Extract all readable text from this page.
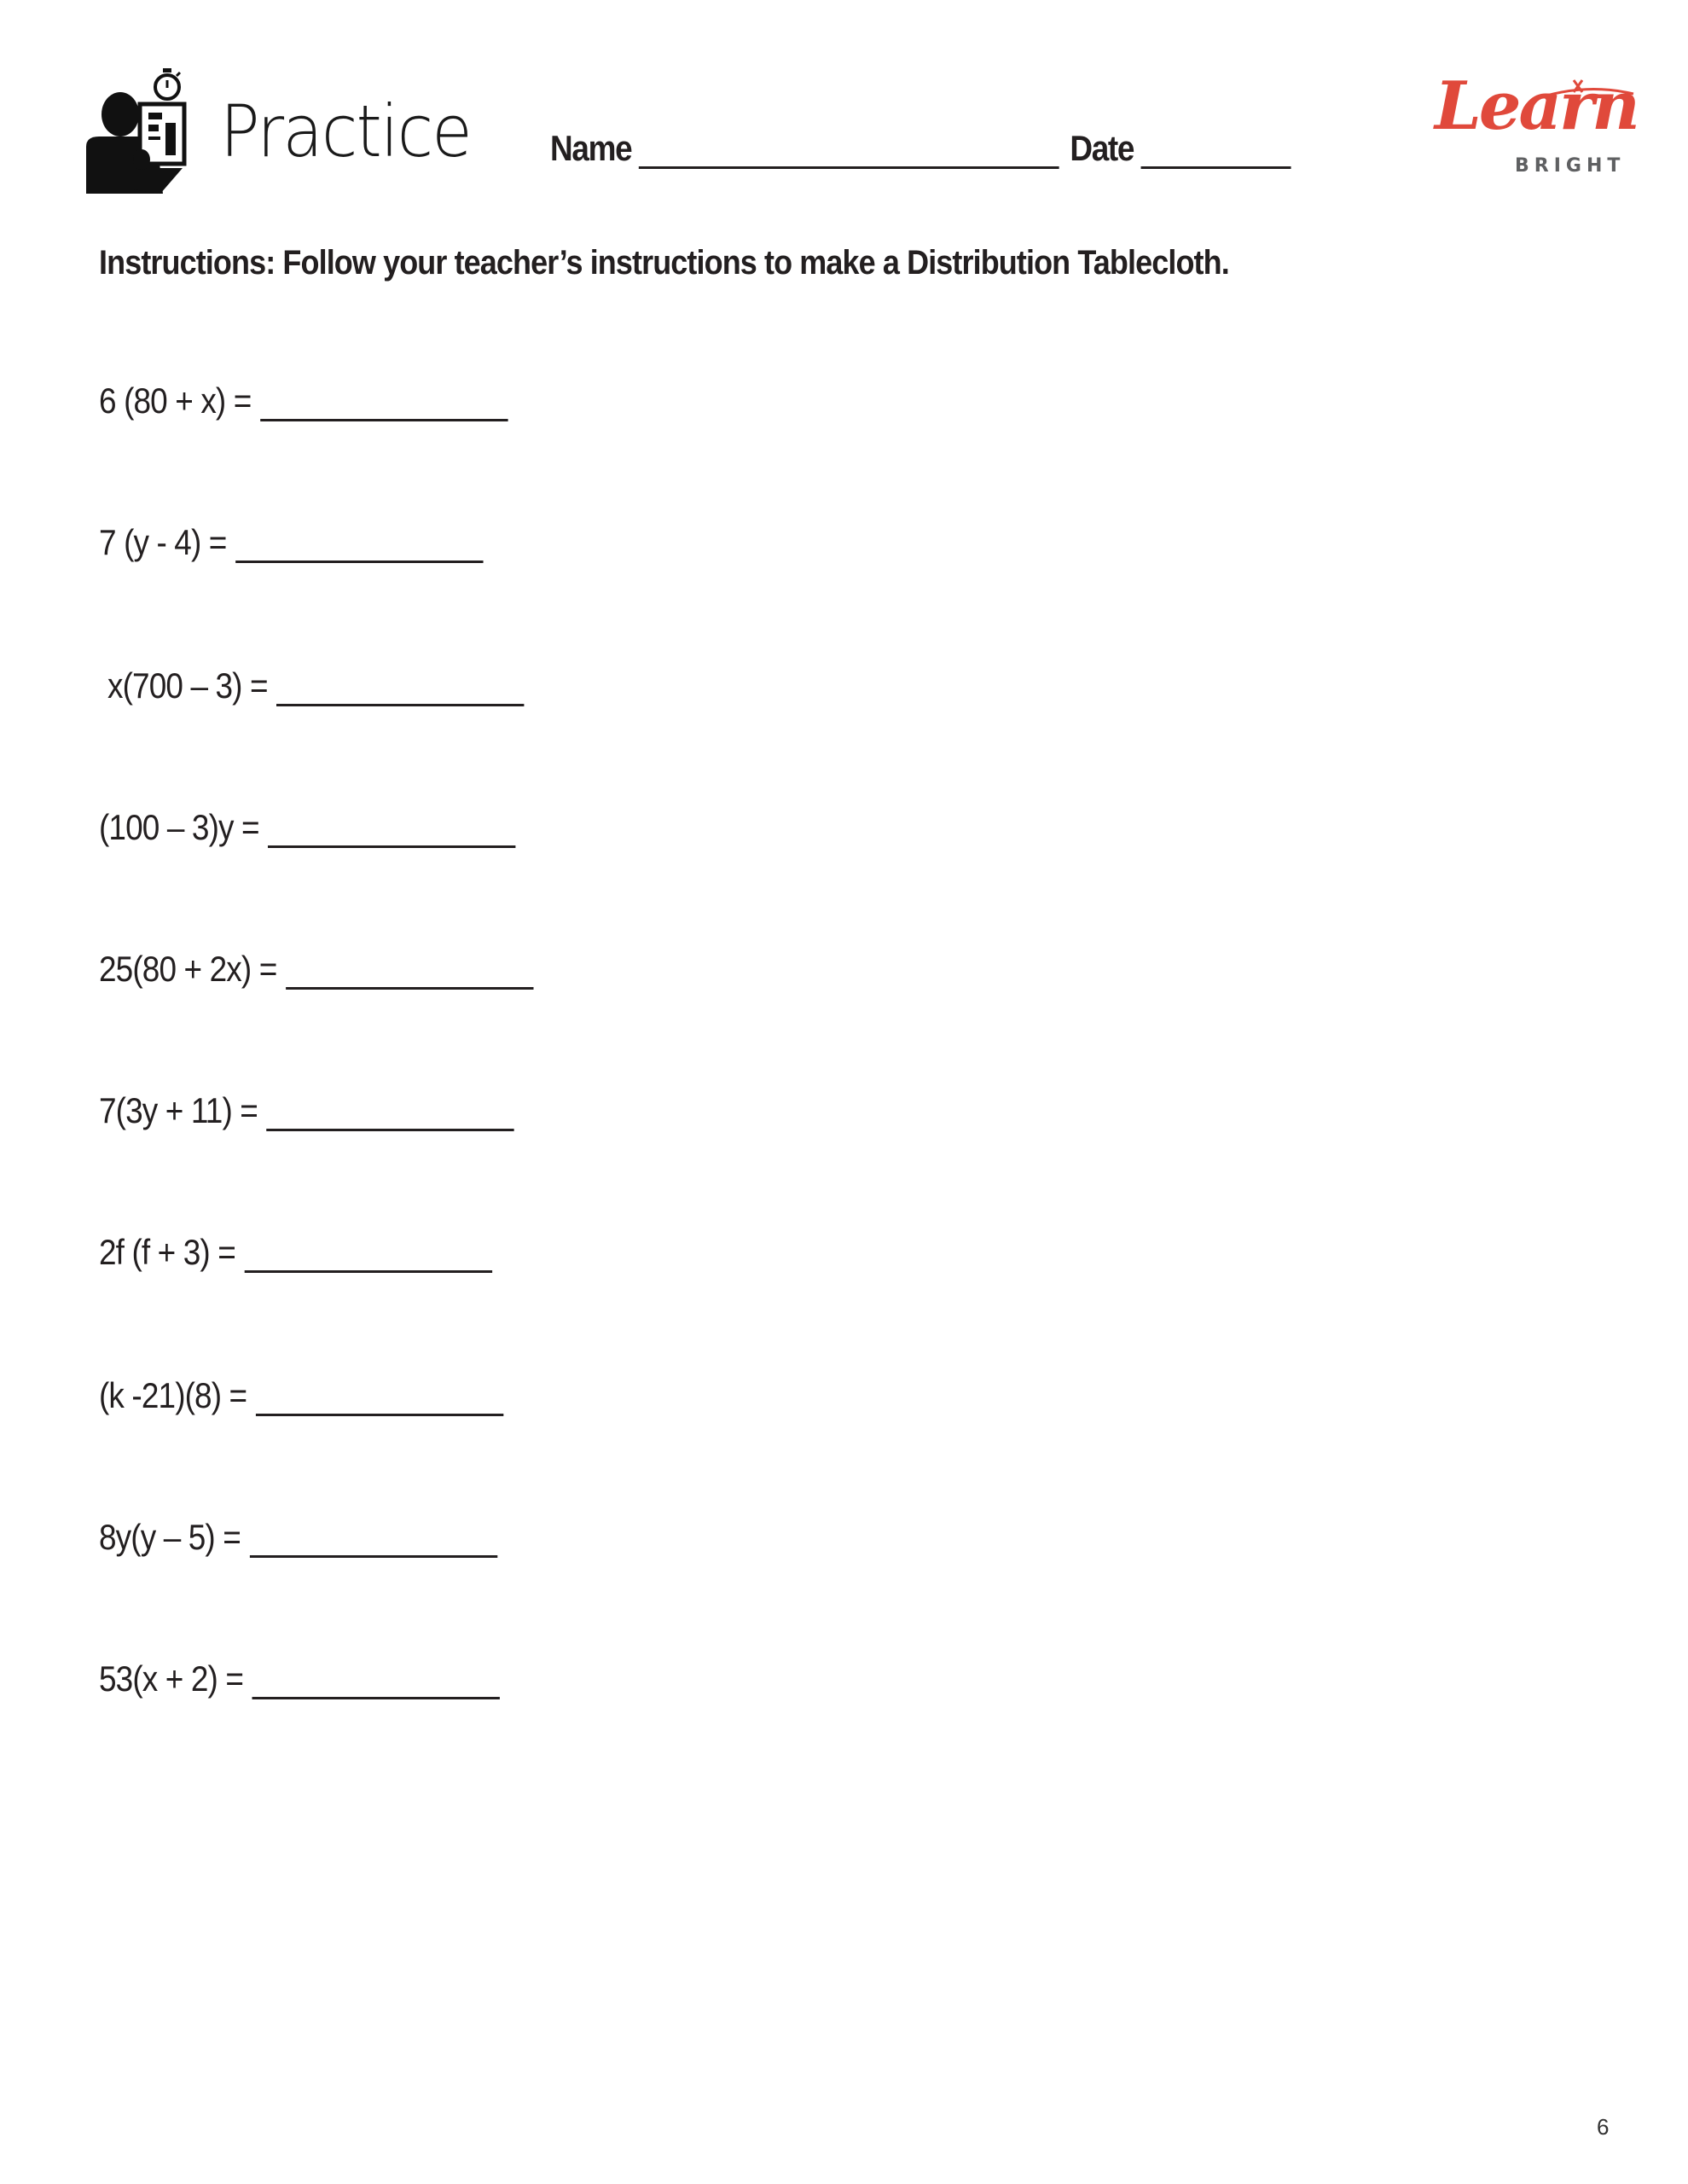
Practice Name	Date
Learn
BRIGHT
Instructions: Follow your teacher’s instructions to make a Distribution Tablecloth.
6 (80 + x) =
7 (y - 4) =
x(700 – 3) =
(100 – 3)y =
25(80 + 2x) =
7(3y + 11) =
2f (f + 3) =
(k -21)(8) =
8y(y – 5) =
53(x + 2) =
6
